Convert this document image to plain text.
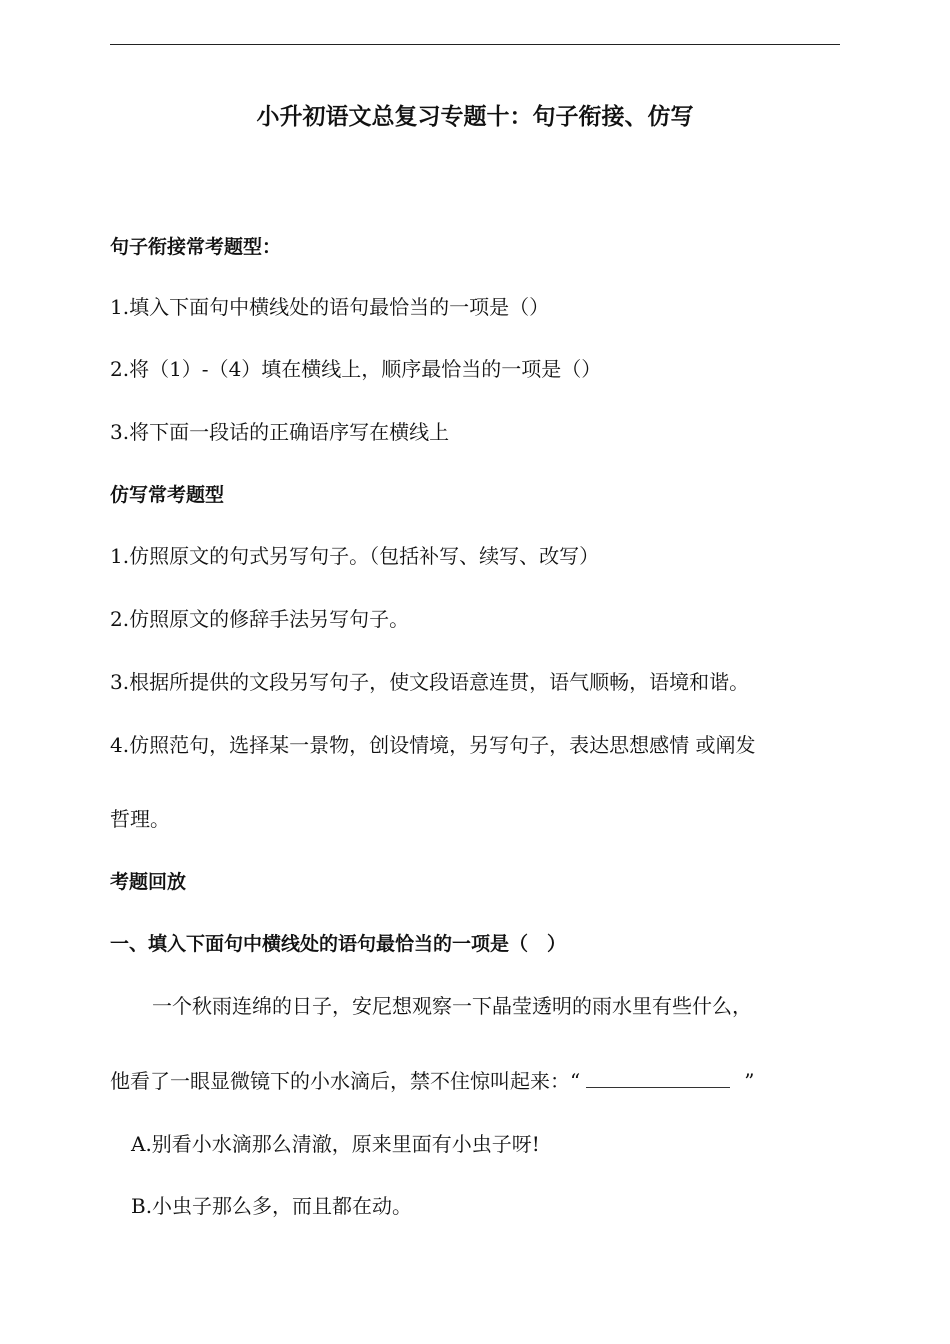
小升初语文总复习专题十：句子衔接、仿写
句子衔接常考题型：
1.填入下面句中横线处的语句最恰当的一项是（）
2.将（1）-（4）填在横线上，顺序最恰当的一项是（）
3.将下面一段话的正确语序写在横线上
仿写常考题型
1.仿照原文的句式另写句子。（包括补写、续写、改写）
2.仿照原文的修辞手法另写句子。
3.根据所提供的文段另写句子，使文段语意连贯，语气顺畅，语境和谐。
4.仿照范句，选择某一景物，创设情境，另写句子，表达思想感情 或阐发
哲理。
考题回放
一、填入下面句中横线处的语句最恰当的一项是（　）
一个秋雨连绵的日子，安尼想观察一下晶莹透明的雨水里有些什么，
他看了一眼显微镜下的小水滴后，禁不住惊叫起来：“	”
A.别看小水滴那么清澈，原来里面有小虫子呀!
B.小虫子那么多，而且都在动。
